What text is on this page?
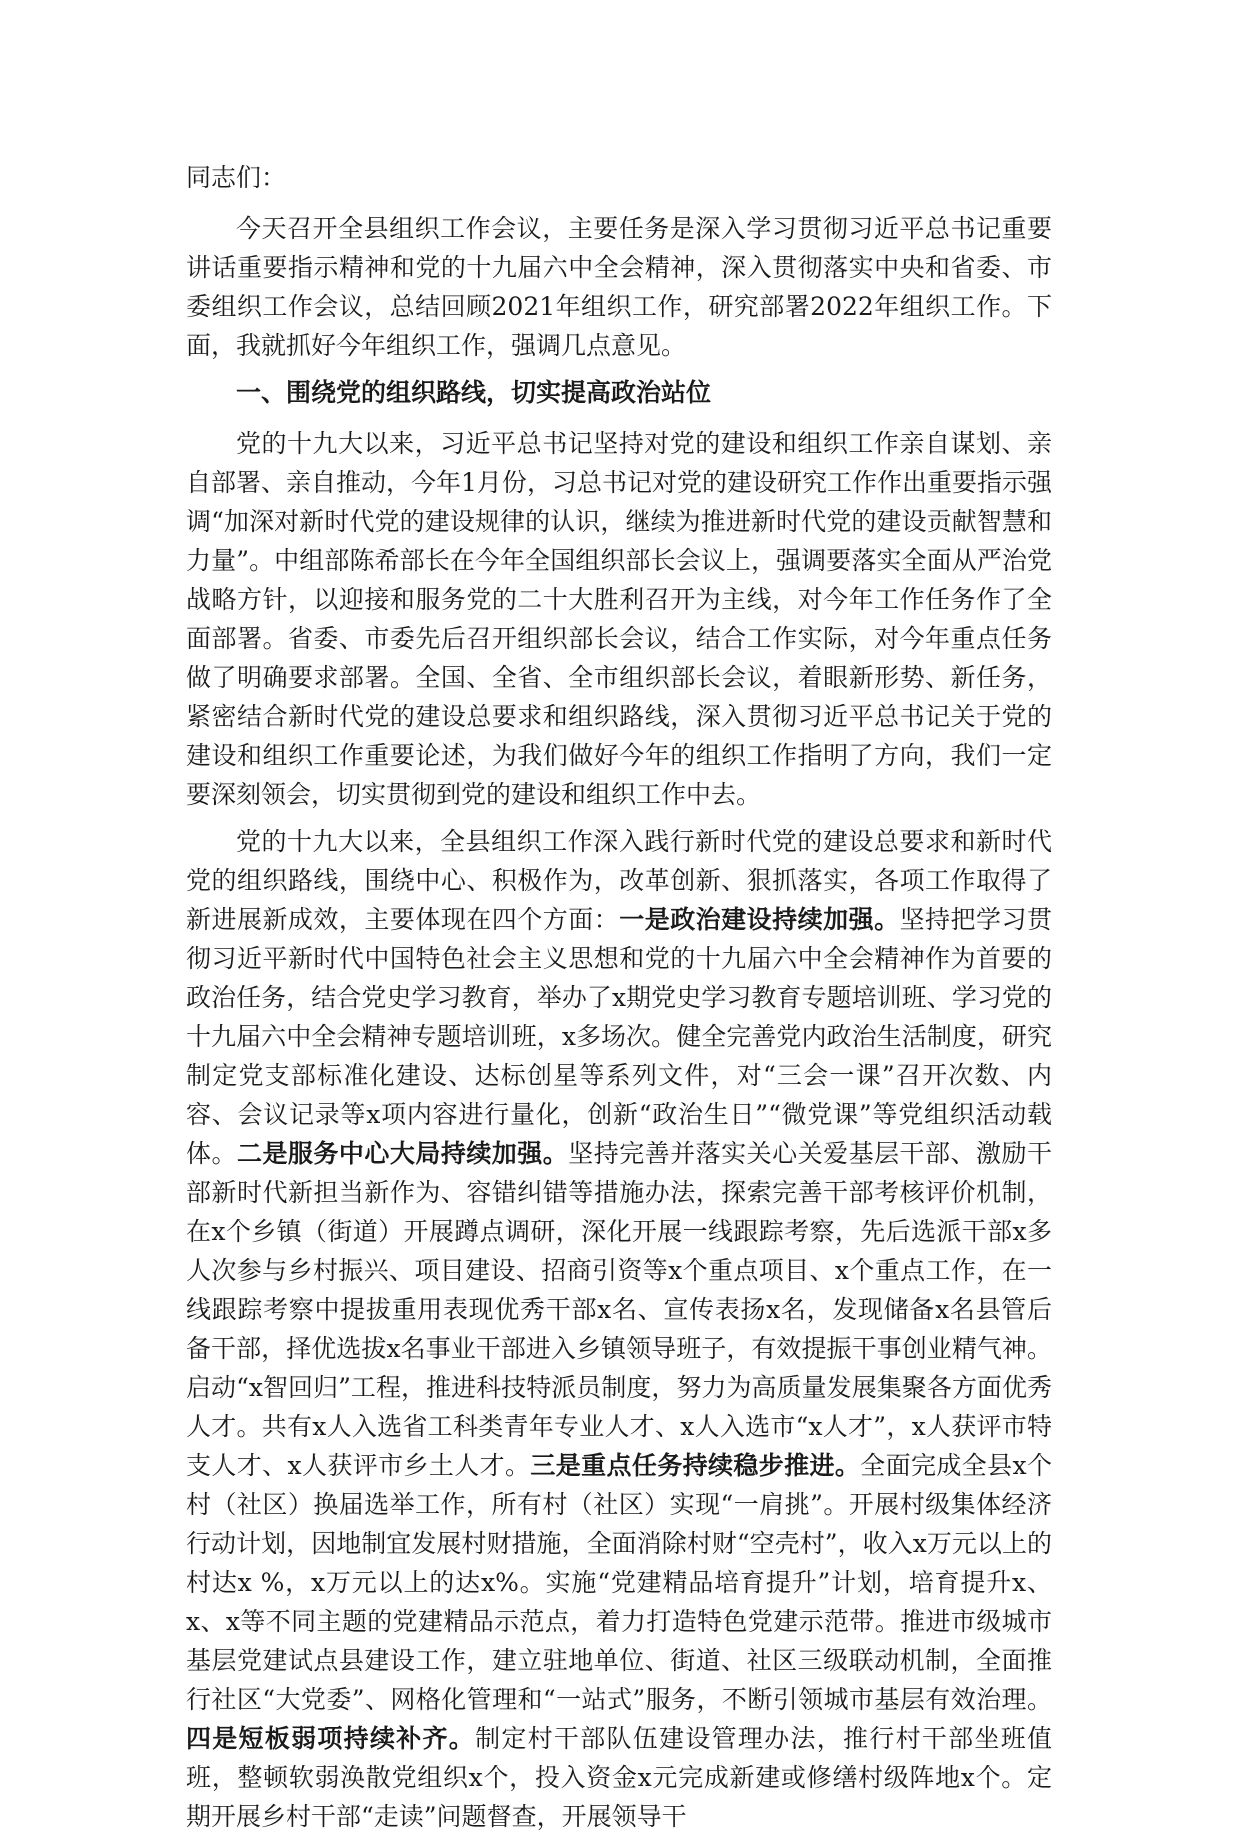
同志们：

今天召开全县组织工作会议，主要任务是深入学习贯彻习近平总书记重要讲话重要指示精神和党的十九届六中全会精神，深入贯彻落实中央和省委、市委组织工作会议，总结回顾2021年组织工作，研究部署2022年组织工作。下面，我就抓好今年组织工作，强调几点意见。

一、围绕党的组织路线，切实提高政治站位

党的十九大以来，习近平总书记坚持对党的建设和组织工作亲自谋划、亲自部署、亲自推动，今年1月份，习总书记对党的建设研究工作作出重要指示强调“加深对新时代党的建设规律的认识，继续为推进新时代党的建设贡献智慧和力量”。中组部陈希部长在今年全国组织部长会议上，强调要落实全面从严治党战略方针，以迎接和服务党的二十大胜利召开为主线，对今年工作任务作了全面部署。省委、市委先后召开组织部长会议，结合工作实际，对今年重点任务做了明确要求部署。全国、全省、全市组织部长会议，着眼新形势、新任务，紧密结合新时代党的建设总要求和组织路线，深入贯彻习近平总书记关于党的建设和组织工作重要论述，为我们做好今年的组织工作指明了方向，我们一定要深刻领会，切实贯彻到党的建设和组织工作中去。

党的十九大以来，全县组织工作深入践行新时代党的建设总要求和新时代党的组织路线，围绕中心、积极作为，改革创新、狠抓落实，各项工作取得了新进展新成效，主要体现在四个方面：一是政治建设持续加强。坚持把学习贯彻习近平新时代中国特色社会主义思想和党的十九届六中全会精神作为首要的政治任务，结合党史学习教育，举办了x期党史学习教育专题培训班、学习党的十九届六中全会精神专题培训班，x多场次。健全完善党内政治生活制度，研究制定党支部标准化建设、达标创星等系列文件，对“三会一课”召开次数、内容、会议记录等x项内容进行量化，创新“政治生日”“微党课”等党组织活动载体。二是服务中心大局持续加强。坚持完善并落实关心关爱基层干部、激励干部新时代新担当新作为、容错纠错等措施办法，探索完善干部考核评价机制，在x个乡镇（街道）开展蹲点调研，深化开展一线跟踪考察，先后选派干部x多人次参与乡村振兴、项目建设、招商引资等x个重点项目、x个重点工作，在一线跟踪考察中提拔重用表现优秀干部x名、宣传表扬x名，发现储备x名县管后备干部，择优选拔x名事业干部进入乡镇领导班子，有效提振干事创业精气神。启动“x智回归”工程，推进科技特派员制度，努力为高质量发展集聚各方面优秀人才。共有x人入选省工科类青年专业人才、x人入选市“x人才”，x人获评市特支人才、x人获评市乡土人才。三是重点任务持续稳步推进。全面完成全县x个村（社区）换届选举工作，所有村（社区）实现“一肩挑”。开展村级集体经济行动计划，因地制宜发展村财措施，全面消除村财“空壳村”，收入x万元以上的村达x %，x万元以上的达x%。实施“党建精品培育提升”计划，培育提升x、x、x等不同主题的党建精品示范点，着力打造特色党建示范带。推进市级城市基层党建试点县建设工作，建立驻地单位、街道、社区三级联动机制，全面推行社区“大党委”、网格化管理和“一站式”服务，不断引领城市基层有效治理。四是短板弱项持续补齐。制定村干部队伍建设管理办法，推行村干部坐班值班，整顿软弱涣散党组织x个，投入资金x元完成新建或修缮村级阵地x个。定期开展乡村干部“走读”问题督查，开展领导干
